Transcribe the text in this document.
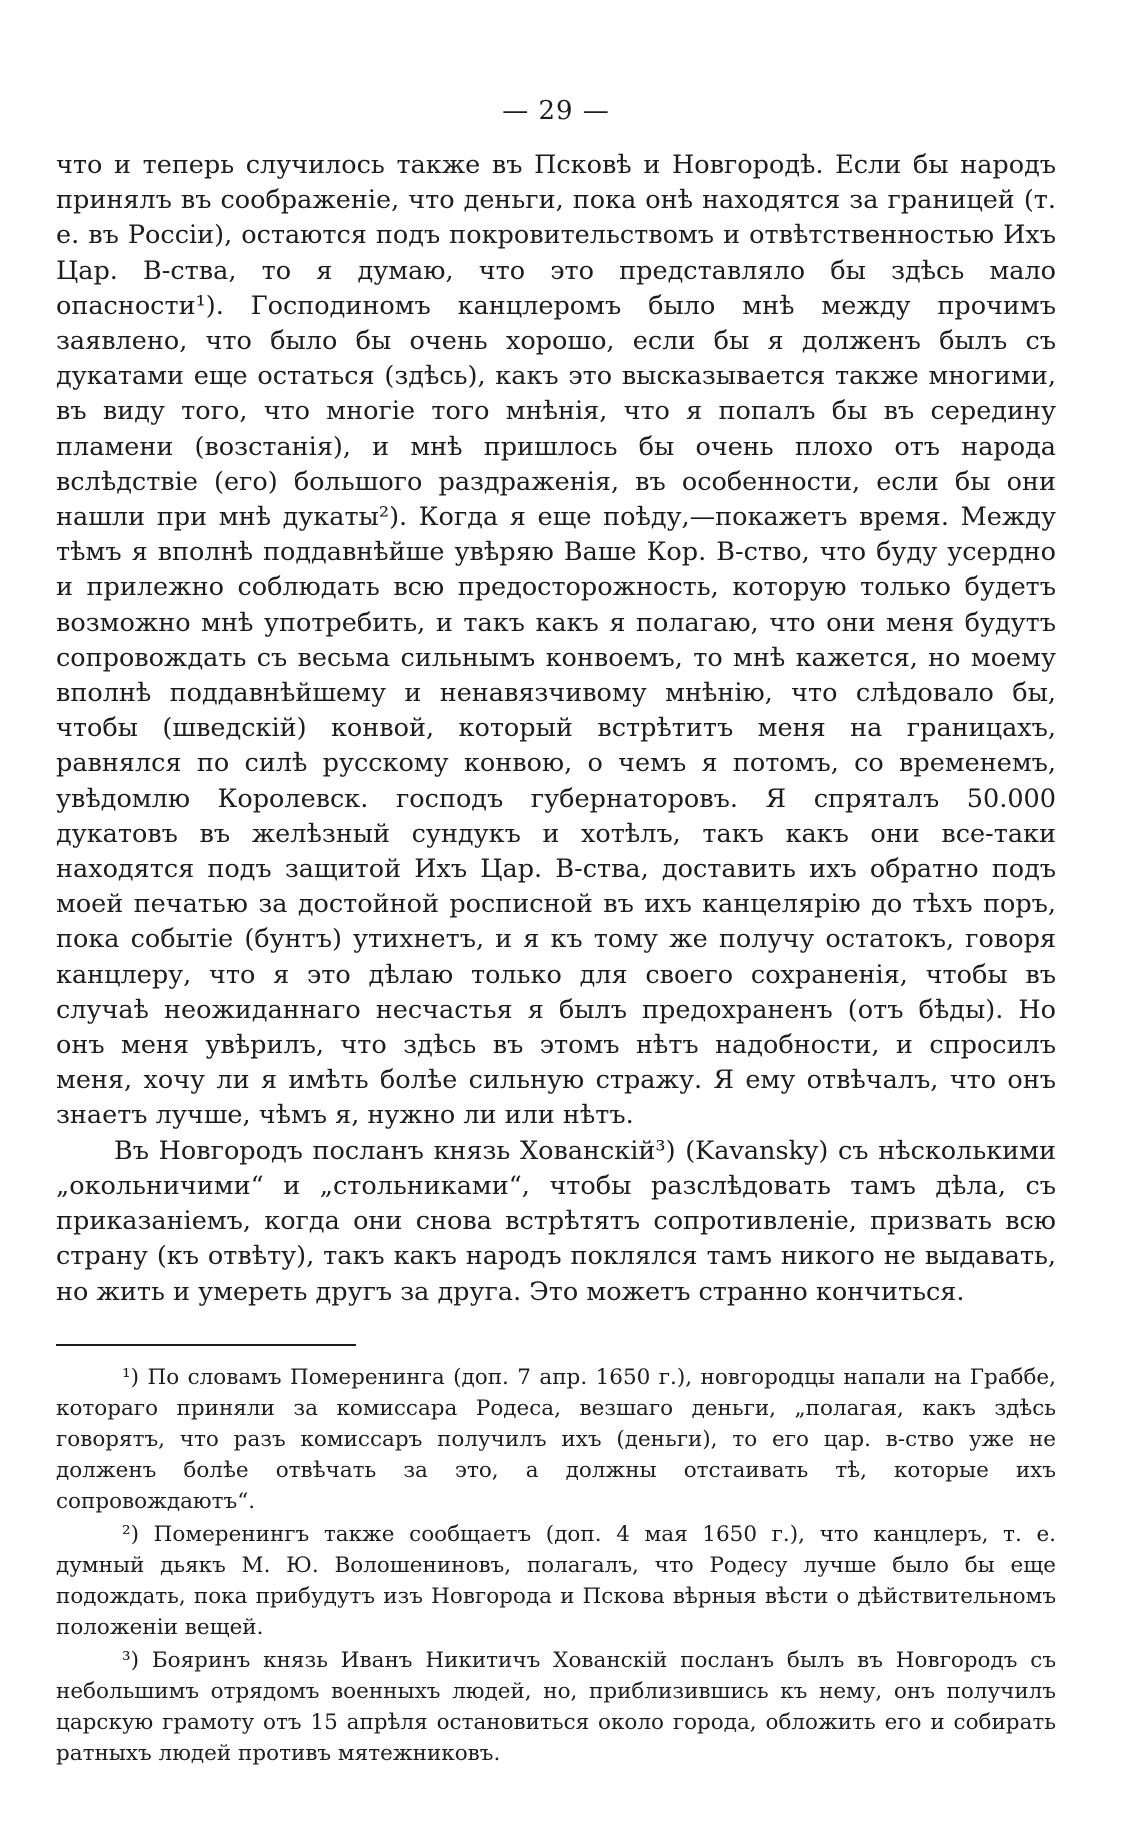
— 29 —

что и теперь случилось также въ Псковѣ и Новгородѣ. Если бы народъ принялъ въ соображеніе, что деньги, пока онѣ находятся за границей (т. е. въ Россіи), остаются подъ покровительствомъ и отвѣтственностью Ихъ Цар. В-ства, то я думаю, что это представляло бы здѣсь мало опасности¹). Господиномъ канцлеромъ было мнѣ между прочимъ заявлено, что было бы очень хорошо, если бы я долженъ былъ съ дукатами еще остаться (здѣсь), какъ это высказывается также многими, въ виду того, что многіе того мнѣнія, что я попалъ бы въ середину пламени (возстанія), и мнѣ пришлось бы очень плохо отъ народа вслѣдствіе (его) большого раздраженія, въ особенности, если бы они нашли при мнѣ дукаты²). Когда я еще поѣду,—покажетъ время. Между тѣмъ я вполнѣ поддавнѣйше увѣряю Ваше Кор. В-ство, что буду усердно и прилежно соблюдать всю предосторожность, которую только будетъ возможно мнѣ употребить, и такъ какъ я полагаю, что они меня будутъ сопровождать съ весьма сильнымъ конвоемъ, то мнѣ кажется, но моему вполнѣ поддавнѣйшему и ненавязчивому мнѣнію, что слѣдовало бы, чтобы (шведскій) конвой, который встрѣтитъ меня на границахъ, равнялся по силѣ русскому конвою, о чемъ я потомъ, со временемъ, увѣдомлю Королевск. господъ губернаторовъ. Я спряталъ 50.000 дукатовъ въ желѣзный сундукъ и хотѣлъ, такъ какъ они все-таки находятся подъ защитой Ихъ Цар. В-ства, доставить ихъ обратно подъ моей печатью за достойной росписной въ ихъ канцелярію до тѣхъ поръ, пока событіе (бунтъ) утихнетъ, и я къ тому же получу остатокъ, говоря канцлеру, что я это дѣлаю только для своего сохраненія, чтобы въ случаѣ неожиданнаго несчастья я былъ предохраненъ (отъ бѣды). Но онъ меня увѣрилъ, что здѣсь въ этомъ нѣтъ надобности, и спросилъ меня, хочу ли я имѣть болѣе сильную стражу. Я ему отвѣчалъ, что онъ знаетъ лучше, чѣмъ я, нужно ли или нѣтъ.

Въ Новгородъ посланъ князь Хованскій³) (Kavansky) съ нѣсколькими „окольничими“ и „стольниками“, чтобы разслѣдовать тамъ дѣла, съ приказаніемъ, когда они снова встрѣтятъ сопротивленіе, призвать всю страну (къ отвѣту), такъ какъ народъ поклялся тамъ никого не выдавать, но жить и умереть другъ за друга. Это можетъ странно кончиться.

¹) По словамъ Померенинга (доп. 7 апр. 1650 г.), новгородцы напали на Граббе, котораго приняли за комиссара Родеса, везшаго деньги, „полагая, какъ здѣсь говорятъ, что разъ комиссаръ получилъ ихъ (деньги), то его цар. в-ство уже не долженъ болѣе отвѣчать за это, а должны отстаивать тѣ, которые ихъ сопровождаютъ“.

²) Померенингъ также сообщаетъ (доп. 4 мая 1650 г.), что канцлеръ, т. е. думный дьякъ М. Ю. Волошениновъ, полагалъ, что Родесу лучше было бы еще подождать, пока прибудутъ изъ Новгорода и Пскова вѣрныя вѣсти о дѣйствительномъ положеніи вещей.

³) Бояринъ князь Иванъ Никитичъ Хованскій посланъ былъ въ Новгородъ съ небольшимъ отрядомъ военныхъ людей, но, приблизившись къ нему, онъ получилъ царскую грамоту отъ 15 апрѣля остановиться около города, обложить его и собирать ратныхъ людей противъ мятежниковъ.
